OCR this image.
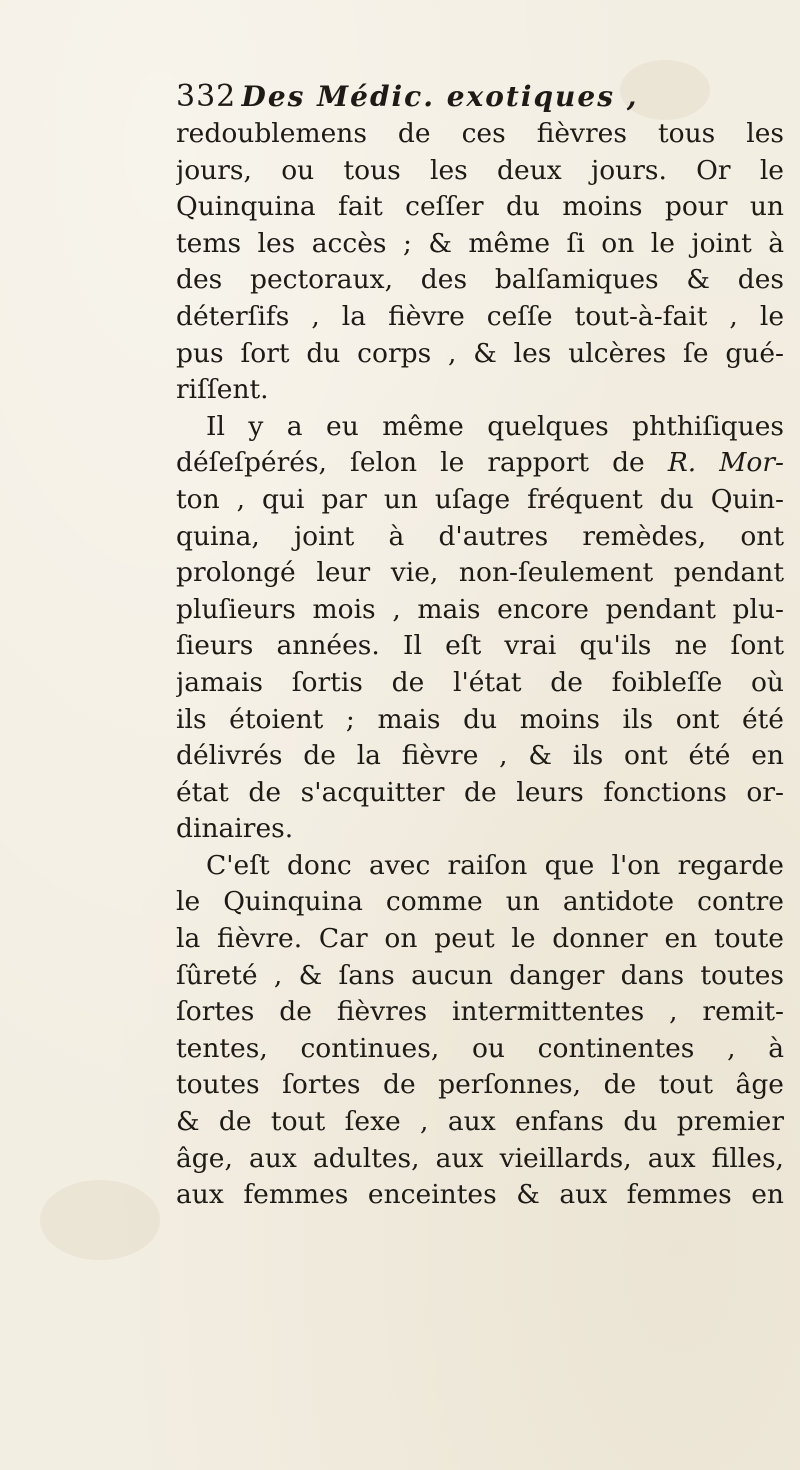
332 Des Médic. exotiques ,
redoublemens de ces fièvres tous les
jours, ou tous les deux jours. Or le
Quinquina fait ceſſer du moins pour un
tems les accès ; & même ſi on le joint à
des pectoraux, des balſamiques & des
déterſifs , la fièvre ceſſe tout-à-fait , le
pus ſort du corps , & les ulcères ſe gué-
riſſent.
Il y a eu même quelques phthiſiques
déſeſpérés, ſelon le rapport de R. Mor-
ton , qui par un uſage fréquent du Quin-
quina, joint à d'autres remèdes, ont
prolongé leur vie, non-ſeulement pendant
pluſieurs mois , mais encore pendant plu-
ſieurs années. Il eſt vrai qu'ils ne ſont
jamais ſortis de l'état de foibleſſe où
ils étoient ; mais du moins ils ont été
délivrés de la fièvre , & ils ont été en
état de s'acquitter de leurs fonctions or-
dinaires.
C'eſt donc avec raiſon que l'on regarde
le Quinquina comme un antidote contre
la fièvre. Car on peut le donner en toute
ſûreté , & ſans aucun danger dans toutes
ſortes de fièvres intermittentes , remit-
tentes, continues, ou continentes , à
toutes ſortes de perſonnes, de tout âge
& de tout ſexe , aux enfans du premier
âge, aux adultes, aux vieillards, aux filles,
aux femmes enceintes & aux femmes en
